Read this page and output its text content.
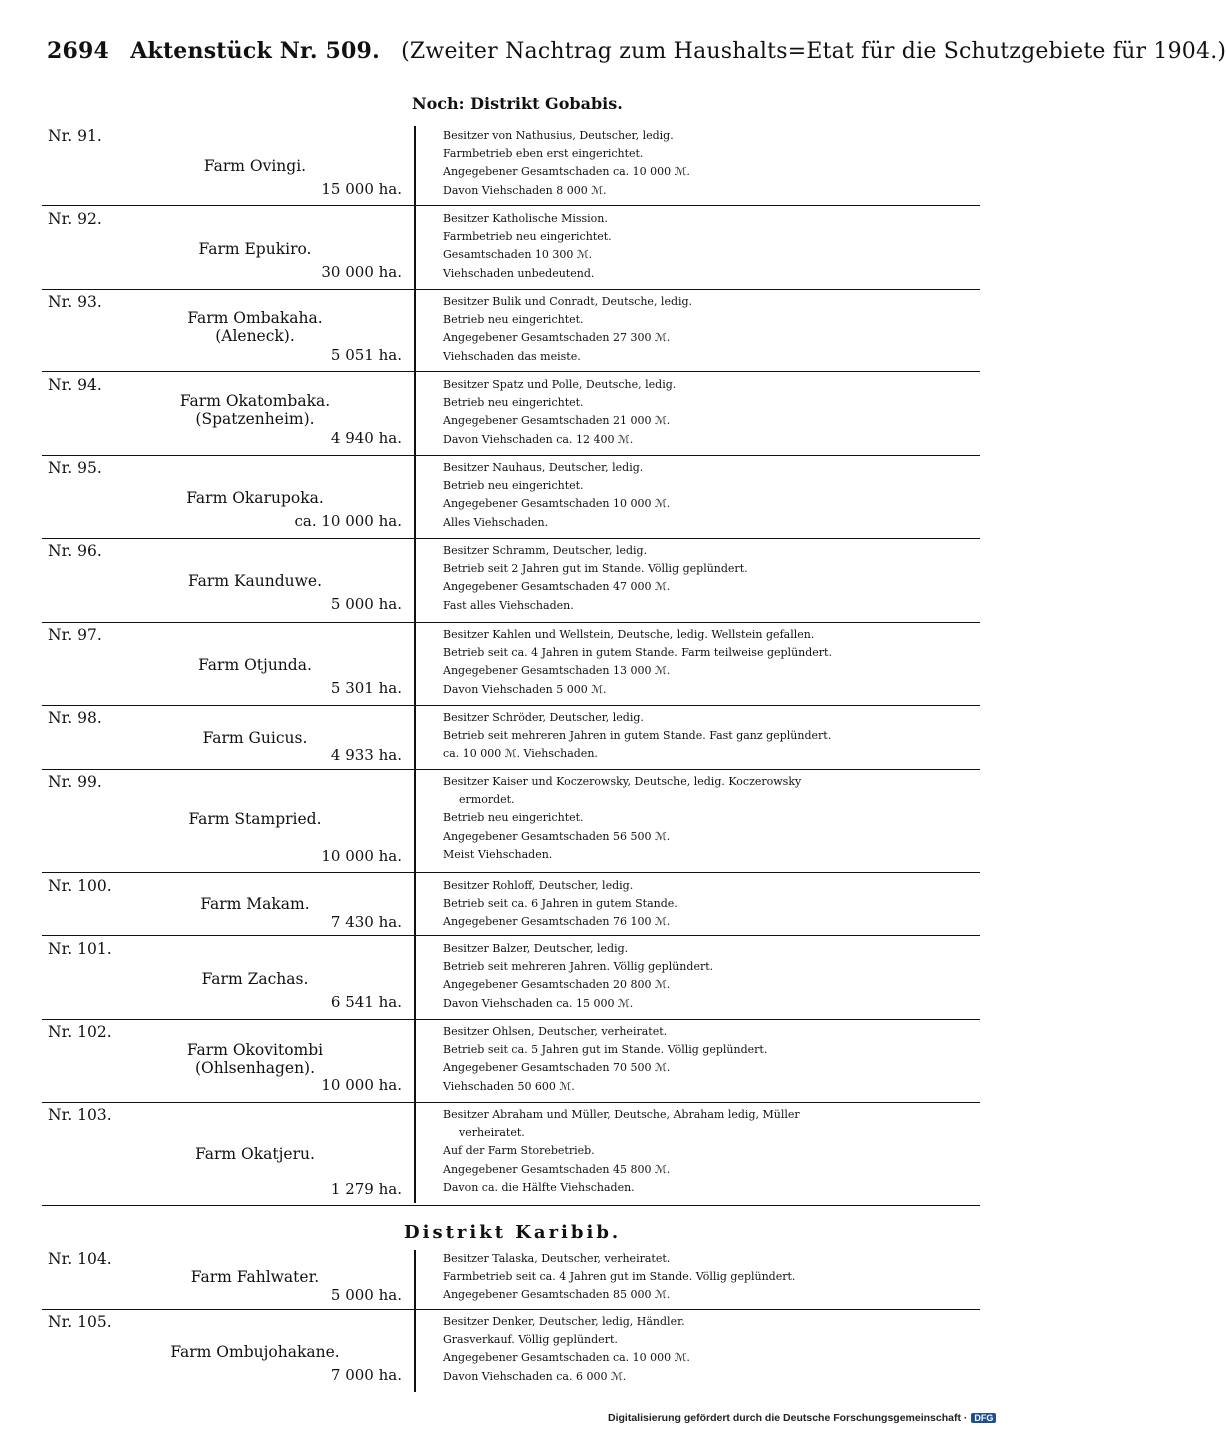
2694 Aktenstück Nr. 509. (Zweiter Nachtrag zum Haushalts=Etat für die Schutzgebiete für 1904.)
Noch: Distrikt Gobabis.
Distrikt Karibib.
Nr. 91.
Farm Ovingi.
15 000 ha.
Besitzer von Nathusius, Deutscher, ledig.
Farmbetrieb eben erst eingerichtet.
Angegebener Gesamtschaden ca. 10 000 ℳ.
Davon Viehschaden 8 000 ℳ.
Nr. 92.
Farm Epukiro.
30 000 ha.
Besitzer Katholische Mission.
Farmbetrieb neu eingerichtet.
Gesamtschaden 10 300 ℳ.
Viehschaden unbedeutend.
Nr. 93.
Farm Ombakaha.
(Aleneck).
5 051 ha.
Besitzer Bulik und Conradt, Deutsche, ledig.
Betrieb neu eingerichtet.
Angegebener Gesamtschaden 27 300 ℳ.
Viehschaden das meiste.
Nr. 94.
Farm Okatombaka.
(Spatzenheim).
4 940 ha.
Besitzer Spatz und Polle, Deutsche, ledig.
Betrieb neu eingerichtet.
Angegebener Gesamtschaden 21 000 ℳ.
Davon Viehschaden ca. 12 400 ℳ.
Nr. 95.
Farm Okarupoka.
ca. 10 000 ha.
Besitzer Nauhaus, Deutscher, ledig.
Betrieb neu eingerichtet.
Angegebener Gesamtschaden 10 000 ℳ.
Alles Viehschaden.
Nr. 96.
Farm Kaunduwe.
5 000 ha.
Besitzer Schramm, Deutscher, ledig.
Betrieb seit 2 Jahren gut im Stande. Völlig geplündert.
Angegebener Gesamtschaden 47 000 ℳ.
Fast alles Viehschaden.
Nr. 97.
Farm Otjunda.
5 301 ha.
Besitzer Kahlen und Wellstein, Deutsche, ledig. Wellstein gefallen.
Betrieb seit ca. 4 Jahren in gutem Stande. Farm teilweise geplündert.
Angegebener Gesamtschaden 13 000 ℳ.
Davon Viehschaden 5 000 ℳ.
Nr. 98.
Farm Guicus.
4 933 ha.
Besitzer Schröder, Deutscher, ledig.
Betrieb seit mehreren Jahren in gutem Stande. Fast ganz geplündert.
ca. 10 000 ℳ. Viehschaden.
Nr. 99.
Farm Stampried.
10 000 ha.
Besitzer Kaiser und Koczerowsky, Deutsche, ledig. Koczerowsky
ermordet.
Betrieb neu eingerichtet.
Angegebener Gesamtschaden 56 500 ℳ.
Meist Viehschaden.
Nr. 100.
Farm Makam.
7 430 ha.
Besitzer Rohloff, Deutscher, ledig.
Betrieb seit ca. 6 Jahren in gutem Stande.
Angegebener Gesamtschaden 76 100 ℳ.
Nr. 101.
Farm Zachas.
6 541 ha.
Besitzer Balzer, Deutscher, ledig.
Betrieb seit mehreren Jahren. Völlig geplündert.
Angegebener Gesamtschaden 20 800 ℳ.
Davon Viehschaden ca. 15 000 ℳ.
Nr. 102.
Farm Okovitombi
(Ohlsenhagen).
10 000 ha.
Besitzer Ohlsen, Deutscher, verheiratet.
Betrieb seit ca. 5 Jahren gut im Stande. Völlig geplündert.
Angegebener Gesamtschaden 70 500 ℳ.
Viehschaden 50 600 ℳ.
Nr. 103.
Farm Okatjeru.
1 279 ha.
Besitzer Abraham und Müller, Deutsche, Abraham ledig, Müller
verheiratet.
Auf der Farm Storebetrieb.
Angegebener Gesamtschaden 45 800 ℳ.
Davon ca. die Hälfte Viehschaden.
Nr. 104.
Farm Fahlwater.
5 000 ha.
Besitzer Talaska, Deutscher, verheiratet.
Farmbetrieb seit ca. 4 Jahren gut im Stande. Völlig geplündert.
Angegebener Gesamtschaden 85 000 ℳ.
Nr. 105.
Farm Ombujohakane.
7 000 ha.
Besitzer Denker, Deutscher, ledig, Händler.
Grasverkauf. Völlig geplündert.
Angegebener Gesamtschaden ca. 10 000 ℳ.
Davon Viehschaden ca. 6 000 ℳ.
Digitalisierung gefördert durch die Deutsche Forschungsgemeinschaft · DFG
